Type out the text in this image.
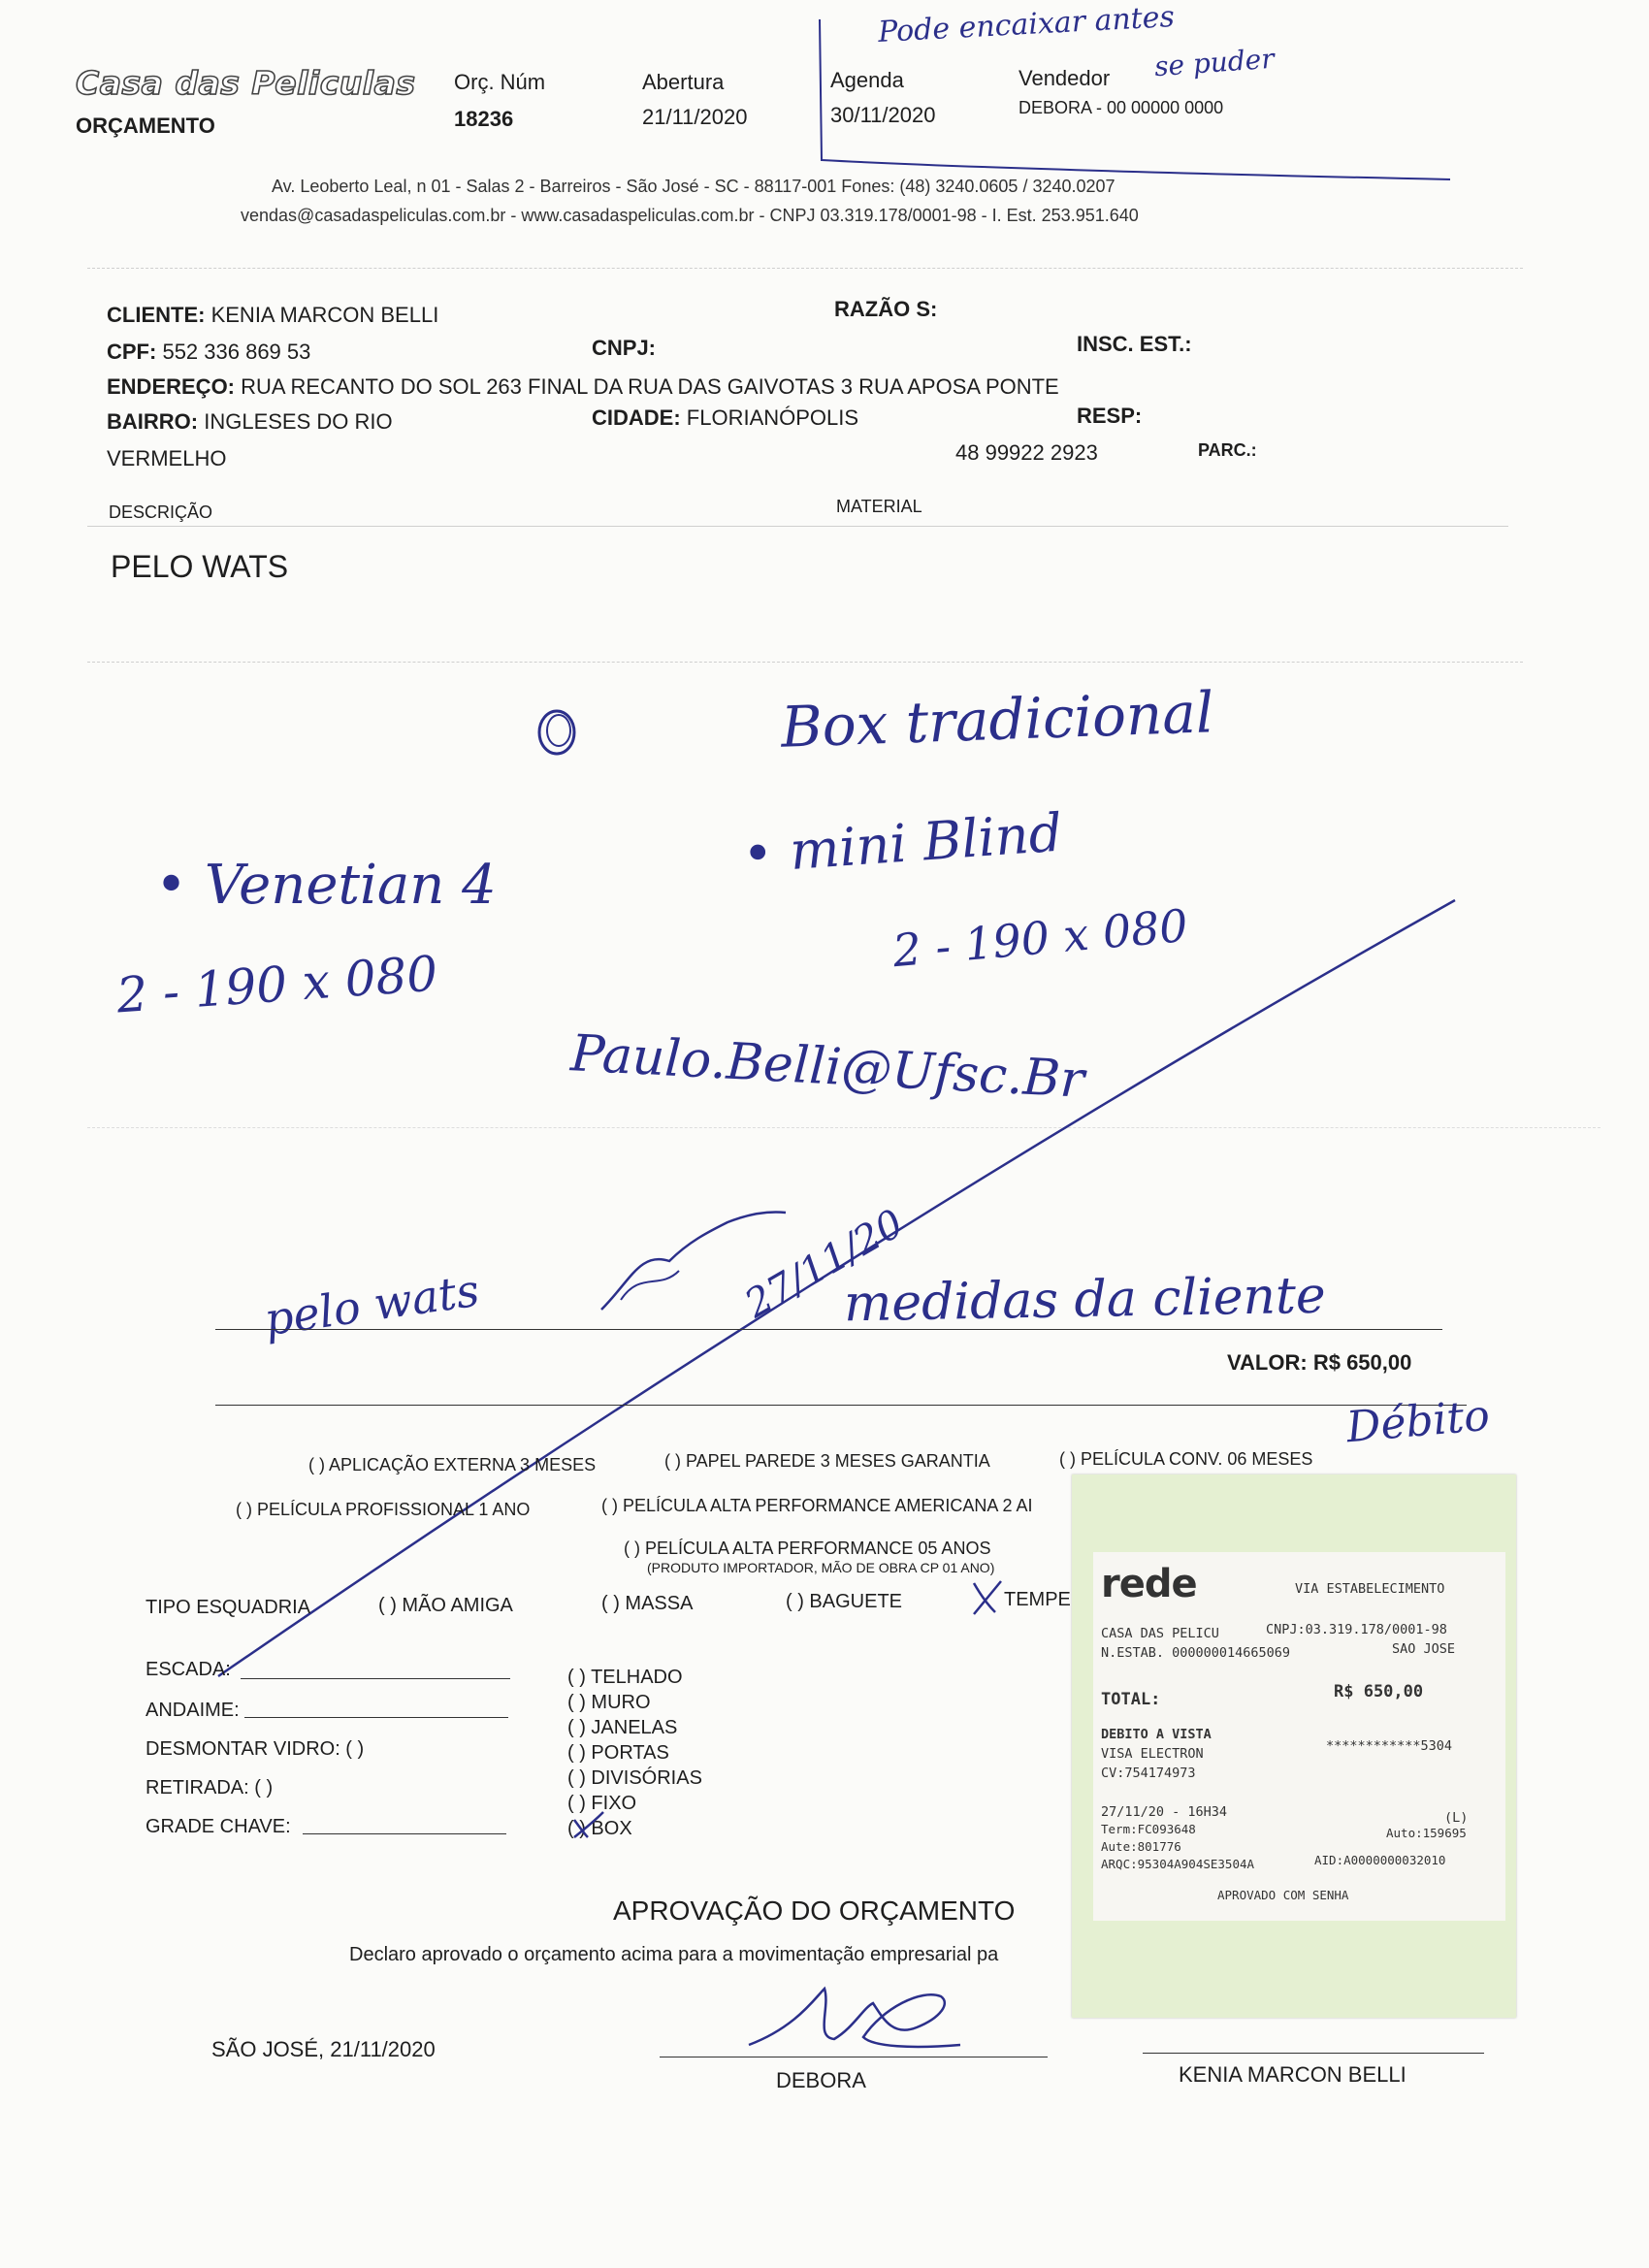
Casa das Peliculas
ORÇAMENTO
Orç. Núm
18236
Abertura
21/11/2020
Agenda
30/11/2020
Vendedor
DEBORA - 00 00000 0000
Pode encaixar antes
se puder
Av. Leoberto Leal, n 01 - Salas 2 - Barreiros - São José - SC - 88117-001 Fones: (48) 3240.0605 / 3240.0207
vendas@casadaspeliculas.com.br - www.casadaspeliculas.com.br - CNPJ 03.319.178/0001-98 - I. Est. 253.951.640
CLIENTE: KENIA MARCON BELLI	RAZÃO S:
CPF: 552 336 869 53	CNPJ:	INSC. EST.:
ENDEREÇO: RUA RECANTO DO SOL 263 FINAL DA RUA DAS GAIVOTAS 3 RUA APOSA PONTE
BAIRRO: INGLESES DO RIO
VERMELHO
CIDADE: FLORIANÓPOLIS	RESP:
48 99922 2923	PARC.:
DESCRIÇÃO	MATERIAL
PELO WATS
Box tradicional
• Venetian 4
• mini Blind
2 - 190 x 080
2 - 190 x 080
Paulo.Belli@Ufsc.Br
pelo wats	27/11/20
medidas da cliente
VALOR: R$ 650,00
Débito
( ) APLICAÇÃO EXTERNA 3 MESES	( ) PAPEL PAREDE 3 MESES GARANTIA	( ) PELÍCULA CONV. 06 MESES
( ) PELÍCULA PROFISSIONAL 1 ANO	( ) PELÍCULA ALTA PERFORMANCE AMERICANA 2 AI
( ) PELÍCULA ALTA PERFORMANCE 05 ANOS
(PRODUTO IMPORTADOR, MÃO DE OBRA CP 01 ANO)
TIPO ESQUADRIA	( ) MÃO AMIGA	( ) MASSA	( ) BAGUETE	TEMPE
ESCADA:
ANDAIME:
DESMONTAR VIDRO: ( )
RETIRADA: ( )
GRADE CHAVE:
( ) TELHADO
( ) MURO
( ) JANELAS
( ) PORTAS
( ) DIVISÓRIAS
( ) FIXO
( ) BOX
APROVAÇÃO DO ORÇAMENTO
Declaro aprovado o orçamento acima para a movimentação empresarial pa
SÃO JOSÉ, 21/11/2020
DEBORA	KENIA MARCON BELLI
rede	VIA ESTABELECIMENTO
CASA DAS PELICU	CNPJ:03.319.178/0001-98
N.ESTAB. 000000014665069	SAO JOSE
TOTAL:	R$ 650,00
DEBITO A VISTA
************5304
VISA ELECTRON
CV:754174973
27/11/20 - 16H34	(L)
Term:FC093648	Auto:159695
Aute:801776
ARQC:95304A904SE3504A	AID:A0000000032010
APROVADO COM SENHA
